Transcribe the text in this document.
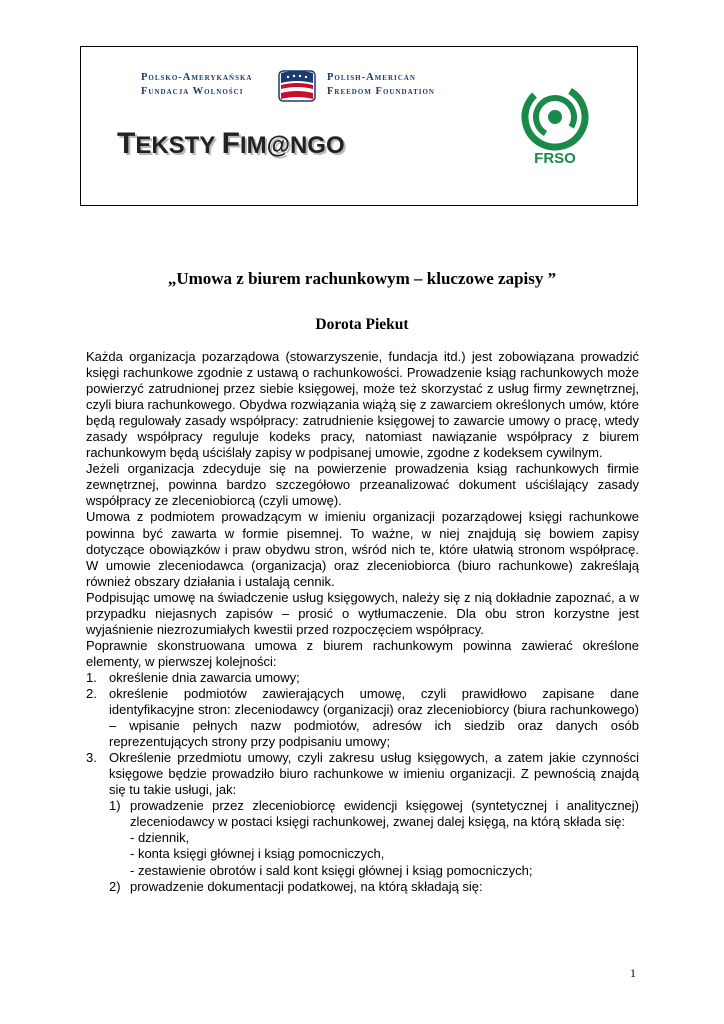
Polsko-Amerykańska
Fundacja Wolności
Polish-American
Freedom Foundation
TEKSTY FIM@NGO	FRSO
„Umowa z biurem rachunkowym – kluczowe zapisy ”
Dorota Piekut

Każda organizacja pozarządowa (stowarzyszenie, fundacja itd.) jest zobowiązana prowadzić księgi rachunkowe zgodnie z ustawą o rachunkowości. Prowadzenie ksiąg rachunkowych może powierzyć zatrudnionej przez siebie księgowej, może też skorzystać z usług firmy zewnętrznej, czyli biura rachunkowego. Obydwa rozwiązania wiążą się z zawarciem określonych umów, które będą regulowały zasady współpracy: zatrudnienie księgowej to zawarcie umowy o pracę, wtedy zasady współpracy reguluje kodeks pracy, natomiast nawiązanie współpracy z biurem rachunkowym będą uściślały zapisy w podpisanej umowie, zgodne z kodeksem cywilnym.

Jeżeli organizacja zdecyduje się na powierzenie prowadzenia ksiąg rachunkowych firmie zewnętrznej, powinna bardzo szczegółowo przeanalizować dokument uściślający zasady współpracy ze zleceniobiorcą (czyli umowę).

Umowa z podmiotem prowadzącym w imieniu organizacji pozarządowej księgi rachunkowe powinna być zawarta w formie pisemnej. To ważne, w niej znajdują się bowiem zapisy dotyczące obowiązków i praw obydwu stron, wśród nich te, które ułatwią stronom współpracę. W umowie zleceniodawca (organizacja) oraz zleceniobiorca (biuro rachunkowe) zakreślają również obszary działania i ustalają cennik.

Podpisując umowę na świadczenie usług księgowych, należy się z nią dokładnie zapoznać, a w przypadku niejasnych zapisów – prosić o wytłumaczenie. Dla obu stron korzystne jest wyjaśnienie niezrozumiałych kwestii przed rozpoczęciem współpracy.

Poprawnie skonstruowana umowa z biurem rachunkowym powinna zawierać określone elementy, w pierwszej kolejności:

1. określenie dnia zawarcia umowy;
2. określenie podmiotów zawierających umowę, czyli prawidłowo zapisane dane identyfikacyjne stron: zleceniodawcy (organizacji) oraz zleceniobiorcy (biura rachunkowego) – wpisanie pełnych nazw podmiotów, adresów ich siedzib oraz danych osób reprezentujących strony przy podpisaniu umowy;
3. Określenie przedmiotu umowy, czyli zakresu usług księgowych, a zatem jakie czynności księgowe będzie prowadziło biuro rachunkowe w imieniu organizacji. Z pewnością znajdą się tu takie usługi, jak:
1) prowadzenie przez zleceniobiorcę ewidencji księgowej (syntetycznej i analitycznej) zleceniodawcy w postaci księgi rachunkowej, zwanej dalej księgą, na którą składa się:
- dziennik,
- konta księgi głównej i ksiąg pomocniczych,
- zestawienie obrotów i sald kont księgi głównej i ksiąg pomocniczych;
2) prowadzenie dokumentacji podatkowej, na którą składają się:
1
